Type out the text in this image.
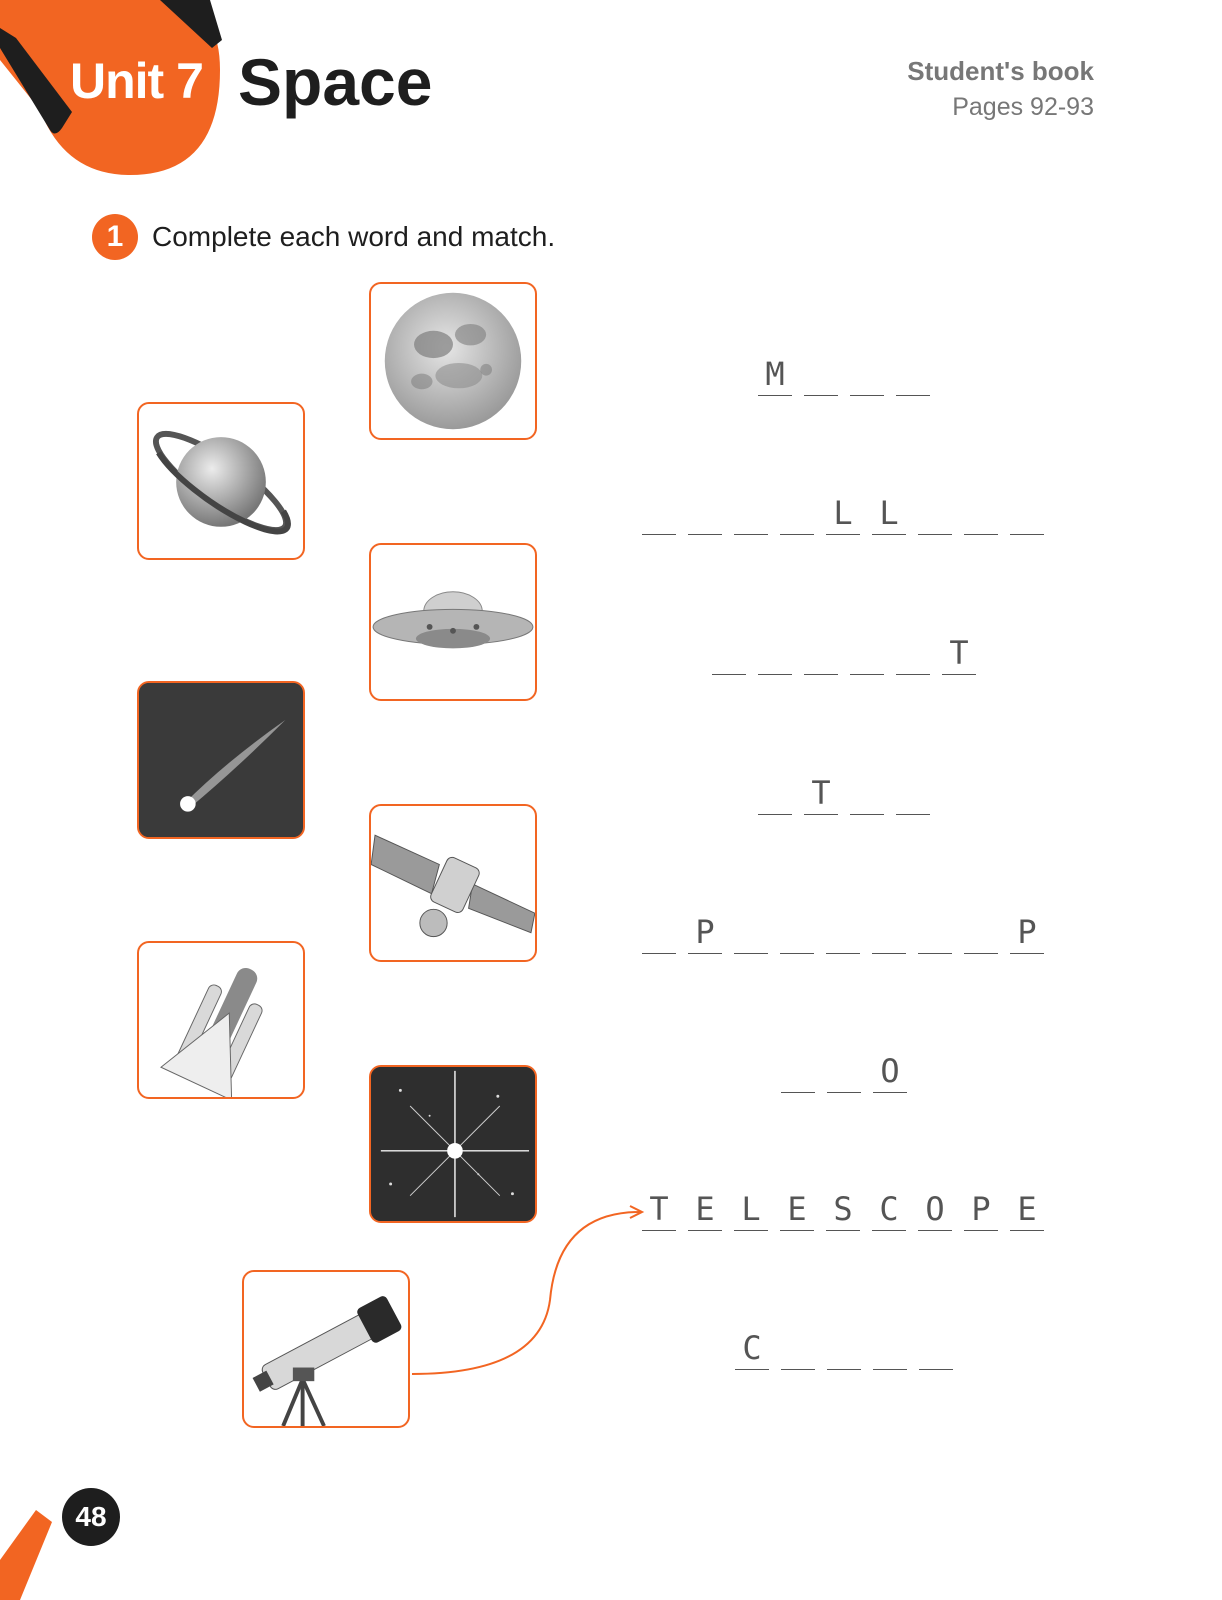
Unit 7 Space	Student's book
Pages 92-93
1	Complete each word and match.
M
L L
T
T
P	P
O
T E L E S C O P E
C
48
